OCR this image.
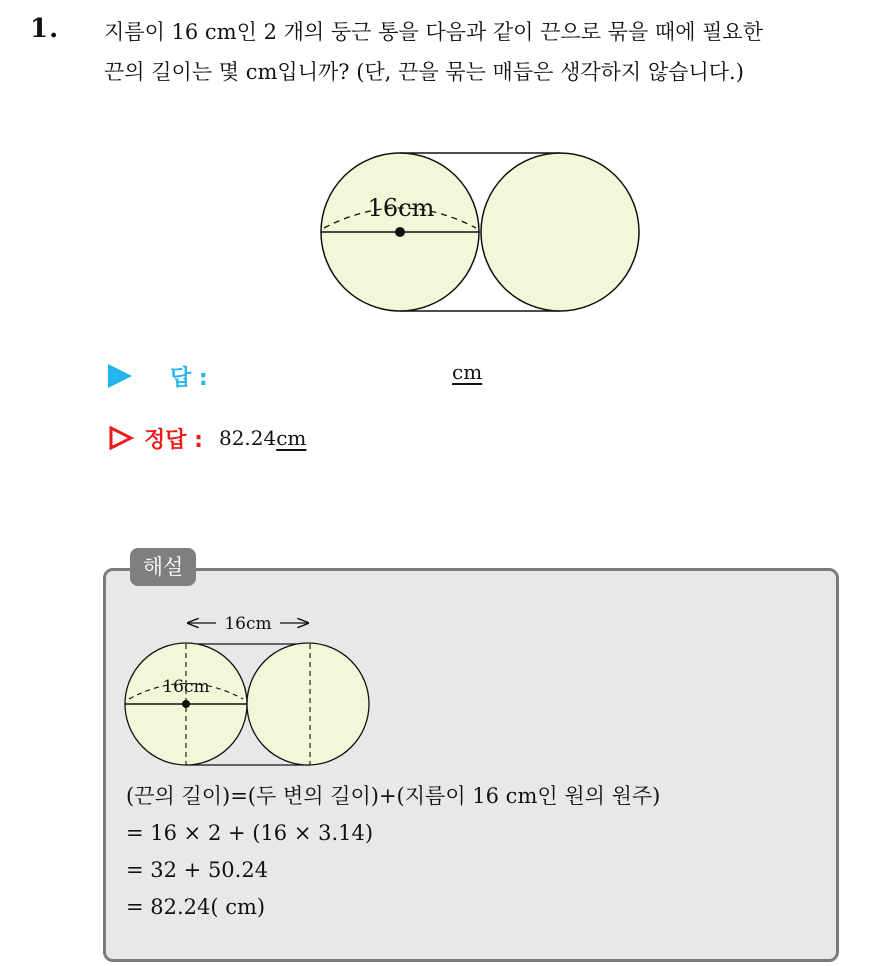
1. 지름이 16 cm인 2 개의 둥근 통을 다음과 같이 끈으로 묶을 때에 필요한
끈의 길이는 몇 cm입니까? (단, 끈을 묶는 매듭은 생각하지 않습니다.)
16cm
답 :	cm
정답 : 82.24 cm
해설
16cm
16cm
(끈의 길이)=(두 변의 길이)+(지름이 16 cm인 원의 원주)
= 16 × 2 + (16 × 3.14)
= 32 + 50.24
= 82.24( cm)
